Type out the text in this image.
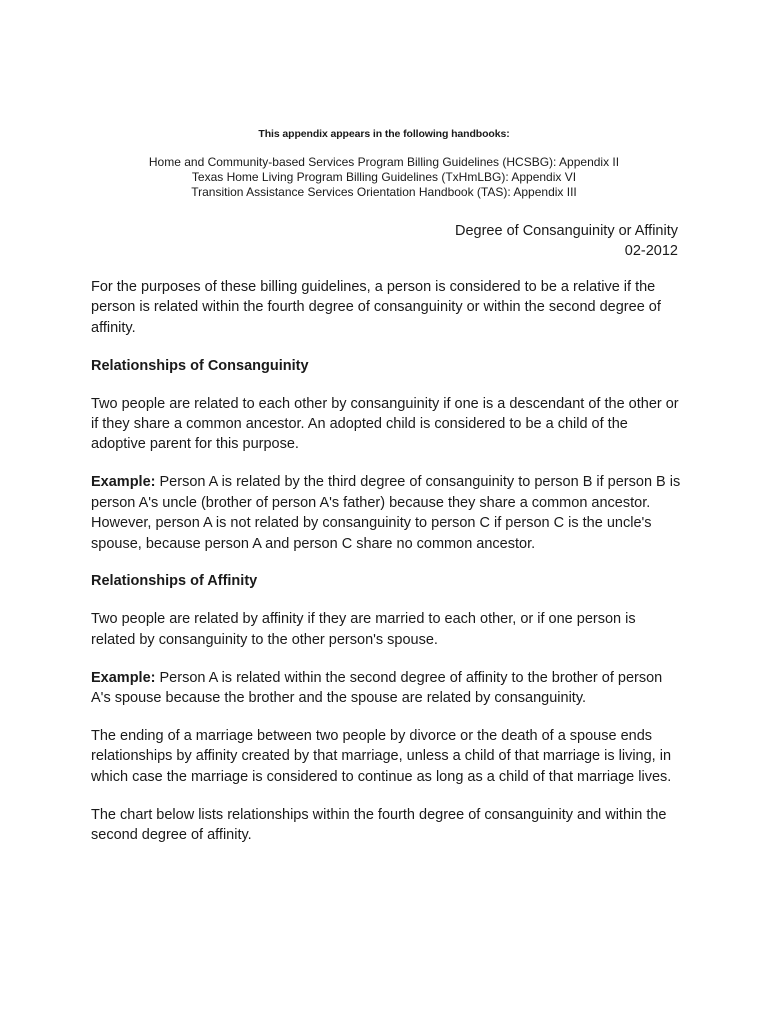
This appendix appears in the following handbooks:
Home and Community-based Services Program Billing Guidelines (HCSBG): Appendix II
Texas Home Living Program Billing Guidelines (TxHmLBG): Appendix VI
Transition Assistance Services Orientation Handbook (TAS): Appendix III
Degree of Consanguinity or Affinity
02-2012

For the purposes of these billing guidelines, a person is considered to be a relative if the person is related within the fourth degree of consanguinity or within the second degree of affinity.

Relationships of Consanguinity

Two people are related to each other by consanguinity if one is a descendant of the other or if they share a common ancestor. An adopted child is considered to be a child of the adoptive parent for this purpose.

Example: Person A is related by the third degree of consanguinity to person B if person B is person A's uncle (brother of person A's father) because they share a common ancestor. However, person A is not related by consanguinity to person C if person C is the uncle's spouse, because person A and person C share no common ancestor.

Relationships of Affinity

Two people are related by affinity if they are married to each other, or if one person is related by consanguinity to the other person's spouse.

Example: Person A is related within the second degree of affinity to the brother of person A's spouse because the brother and the spouse are related by consanguinity.

The ending of a marriage between two people by divorce or the death of a spouse ends relationships by affinity created by that marriage, unless a child of that marriage is living, in which case the marriage is considered to continue as long as a child of that marriage lives.

The chart below lists relationships within the fourth degree of consanguinity and within the second degree of affinity.
